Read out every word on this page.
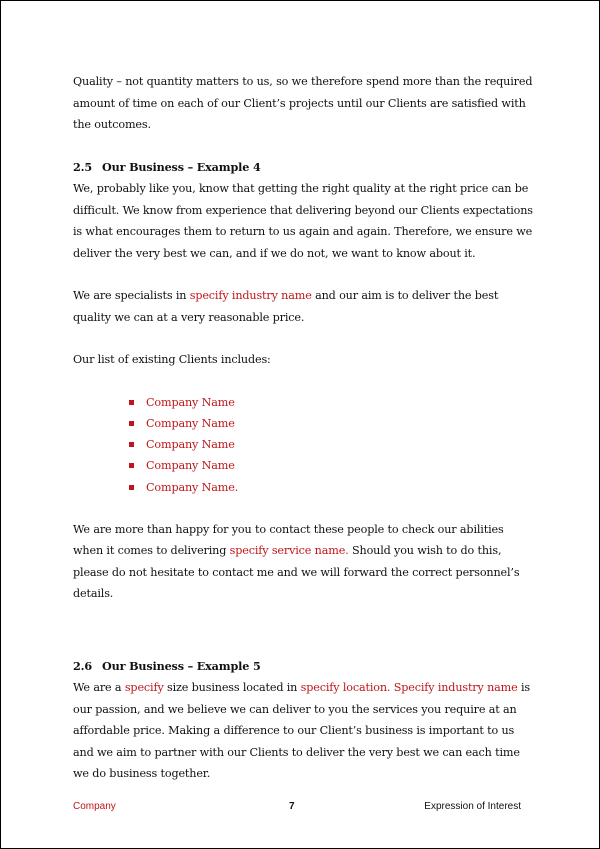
Quality – not quantity matters to us, so we therefore spend more than the required amount of time on each of our Client’s projects until our Clients are satisfied with the outcomes.

2.5 Our Business – Example 4

We, probably like you, know that getting the right quality at the right price can be difficult. We know from experience that delivering beyond our Clients expectations is what encourages them to return to us again and again. Therefore, we ensure we deliver the very best we can, and if we do not, we want to know about it.

We are specialists in specify industry name and our aim is to deliver the best quality we can at a very reasonable price.

Our list of existing Clients includes:

Company Name
Company Name
Company Name
Company Name
Company Name.

We are more than happy for you to contact these people to check our abilities when it comes to delivering specify service name. Should you wish to do this, please do not hesitate to contact me and we will forward the correct personnel’s details.

2.6 Our Business – Example 5

We are a specify size business located in specify location. Specify industry name is our passion, and we believe we can deliver to you the services you require at an affordable price. Making a difference to our Client’s business is important to us and we aim to partner with our Clients to deliver the very best we can each time we do business together.

Company	7	Expression of Interest
